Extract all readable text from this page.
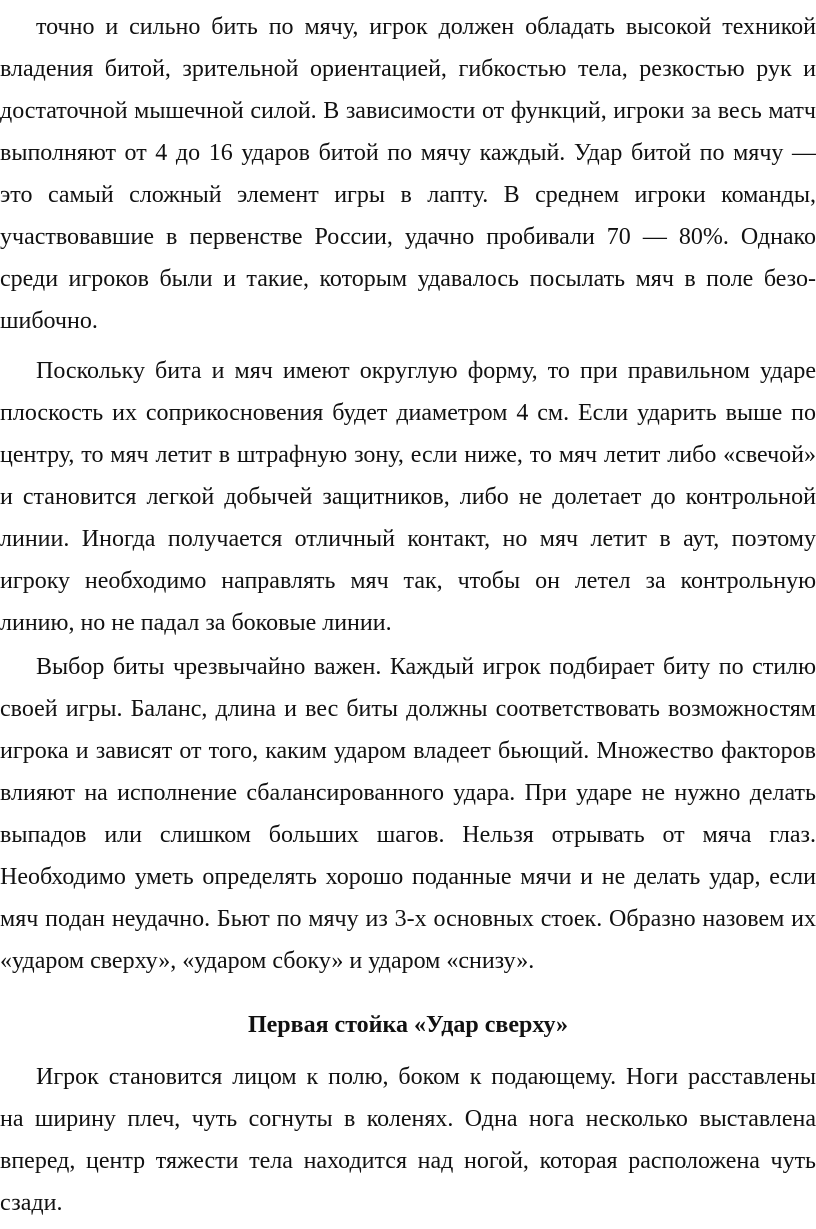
точно и сильно бить по мячу, игрок должен обладать высокой техникой
владения битой, зрительной ориентацией, гибкостью тела, резкостью рук и
достаточной мышечной силой. В зависимости от функций, игроки за весь матч
выполняют от 4 до 16 ударов битой по мячу каждый. Удар битой по мячу —
это самый сложный элемент игры в лапту. В среднем игроки команды,
участвовавшие в первенстве России, удачно пробивали 70 — 80%. Однако
среди игроков были и такие, которым удавалось посылать мяч в поле безо-
шибочно.
Поскольку бита и мяч имеют округлую форму, то при правильном ударе
плоскость их соприкосновения будет диаметром 4 см. Если ударить выше по
центру, то мяч летит в штрафную зону, если ниже, то мяч летит либо «свечой»
и становится легкой добычей защитников, либо не долетает до контрольной
линии. Иногда получается отличный контакт, но мяч летит в аут, поэтому
игроку необходимо направлять мяч так, чтобы он летел за контрольную
линию, но не падал за боковые линии.
Выбор биты чрезвычайно важен. Каждый игрок подбирает биту по стилю
своей игры. Баланс, длина и вес биты должны соответствовать возможностям
игрока и зависят от того, каким ударом владеет бьющий. Множество факторов
влияют на исполнение сбалансированного удара. При ударе не нужно делать
выпадов или слишком больших шагов. Нельзя отрывать от мяча глаз.
Необходимо уметь определять хорошо поданные мячи и не делать удар, если
мяч подан неудачно. Бьют по мячу из 3-х основных стоек. Образно назовем их
«ударом сверху», «ударом сбоку» и ударом «снизу».
Первая стойка «Удар сверху»
Игрок становится лицом к полю, боком к подающему. Ноги расставлены
на ширину плеч, чуть согнуты в коленях. Одна нога несколько выставлена
вперед, центр тяжести тела находится над ногой, которая расположена чуть
сзади.
